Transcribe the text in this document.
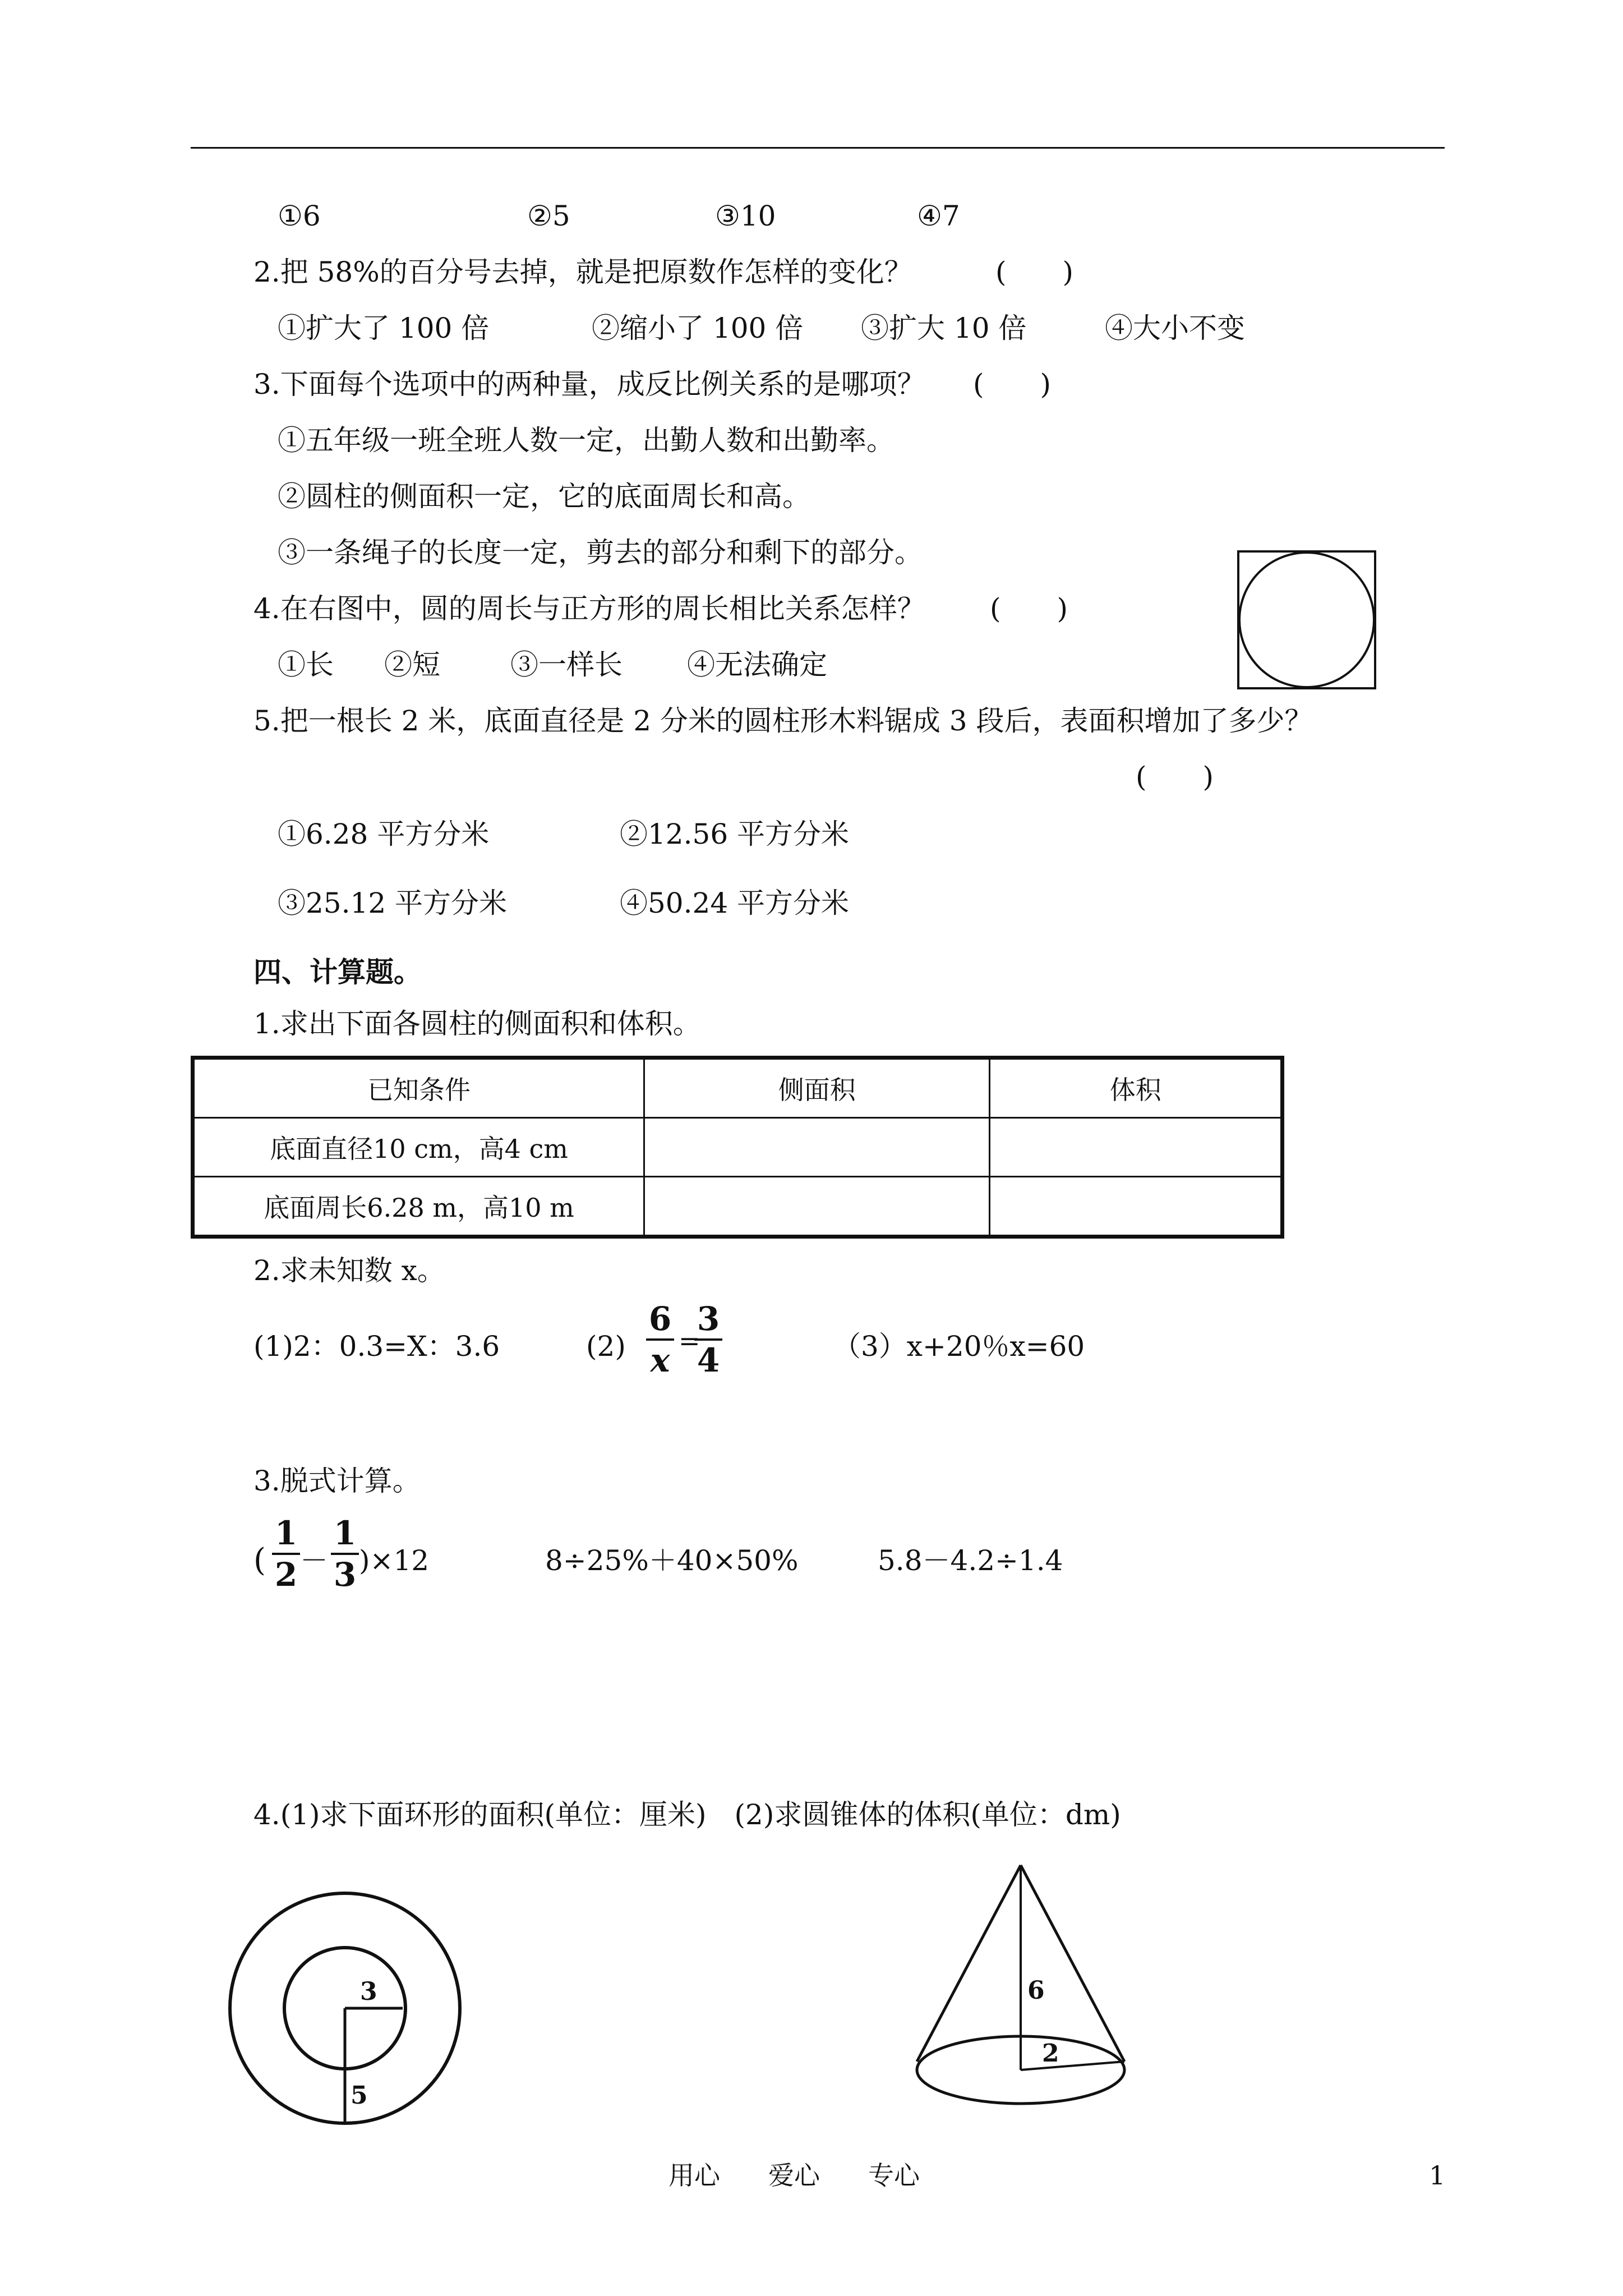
①6	②5	③10	④7
2.把 58%的百分号去掉，就是把原数作怎样的变化？	(　　)
①扩大了 100 倍	②缩小了 100 倍 ③扩大 10 倍	④大小不变
3.下面每个选项中的两种量，成反比例关系的是哪项？ (　　)
①五年级一班全班人数一定，出勤人数和出勤率。
②圆柱的侧面积一定，它的底面周长和高。
③一条绳子的长度一定，剪去的部分和剩下的部分。
4.在右图中，圆的周长与正方形的周长相比关系怎样？ (　　)
①长 ②短	③一样长 ④无法确定
5.把一根长 2 米，底面直径是 2 分米的圆柱形木料锯成 3 段后，表面积增加了多少？
(　　)
①6.28 平方分米	②12.56 平方分米
③25.12 平方分米	④50.24 平方分米
四、计算题。
1.求出下面各圆柱的侧面积和体积。
已知条件	侧面积	体积
底面直径10 cm，高4 cm		
底面周长6.28 m，高10 m		
2.求未知数 x。
(1)2：0.3=X：3.6	(2)
6
x
=
3
4	（3）x+20％x=60
3.脱式计算。
(
1
2 －
1
3 )×12	8÷25%＋40×50%	5.8－4.2÷1.4
4.(1)求下面环形的面积(单位：厘米)　(2)求圆锥体的体积(单位：dm)
3
5
6
2
用心 爱心 专心	1
